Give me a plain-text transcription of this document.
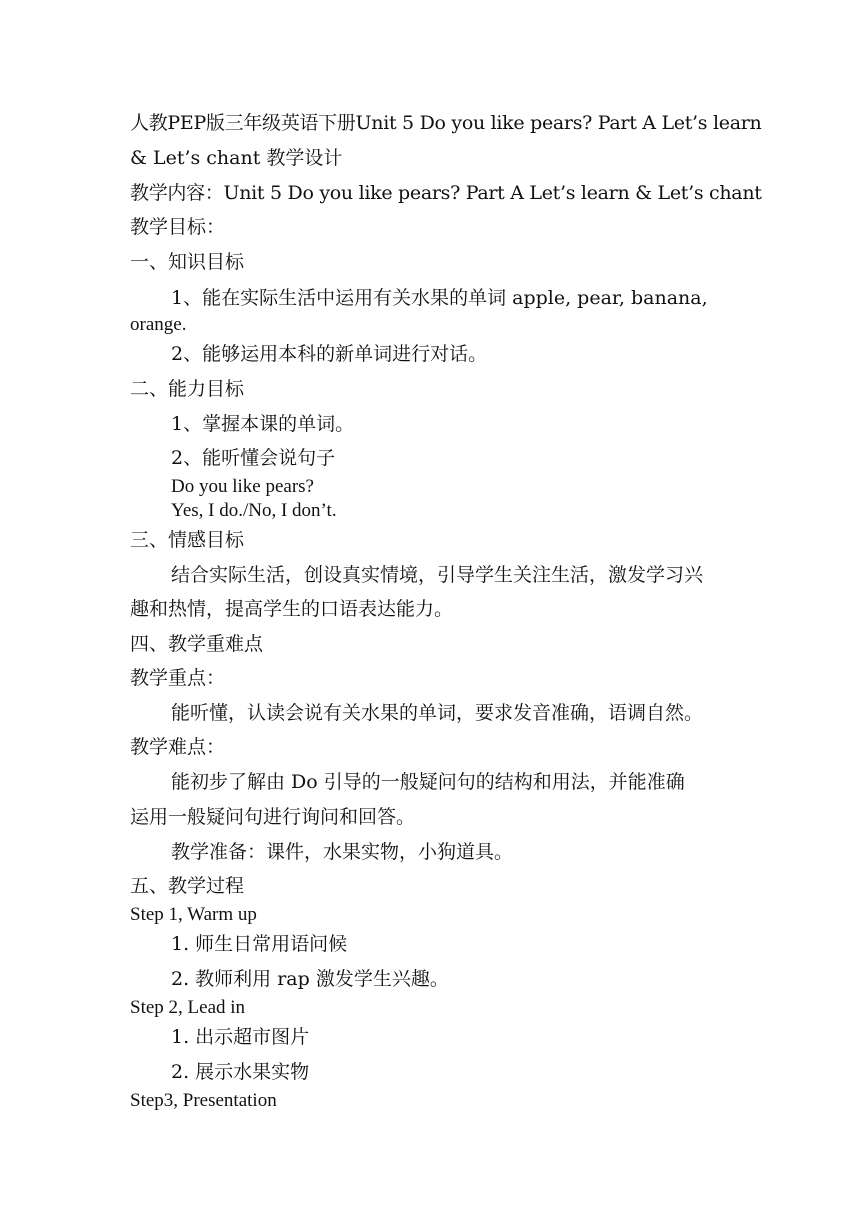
人教PEP版三年级英语下册Unit 5 Do you like pears? Part A Let’s learn
& Let’s chant 教学设计
教学内容：Unit 5 Do you like pears? Part A Let’s learn & Let’s chant
教学目标：
一、知识目标
1、能在实际生活中运用有关水果的单词 apple, pear, banana,
orange.
2、能够运用本科的新单词进行对话。
二、能力目标
1、掌握本课的单词。
2、能听懂会说句子
Do you like pears?
Yes, I do./No, I don’t.
三、情感目标
结合实际生活，创设真实情境，引导学生关注生活，激发学习兴
趣和热情，提高学生的口语表达能力。
四、教学重难点
教学重点：
能听懂，认读会说有关水果的单词，要求发音准确，语调自然。
教学难点：
能初步了解由 Do 引导的一般疑问句的结构和用法，并能准确
运用一般疑问句进行询问和回答。
教学准备：课件，水果实物，小狗道具。
五、教学过程
Step 1, Warm up
1. 师生日常用语问候
2. 教师利用 rap 激发学生兴趣。
Step 2, Lead in
1. 出示超市图片
2. 展示水果实物
Step3, Presentation
